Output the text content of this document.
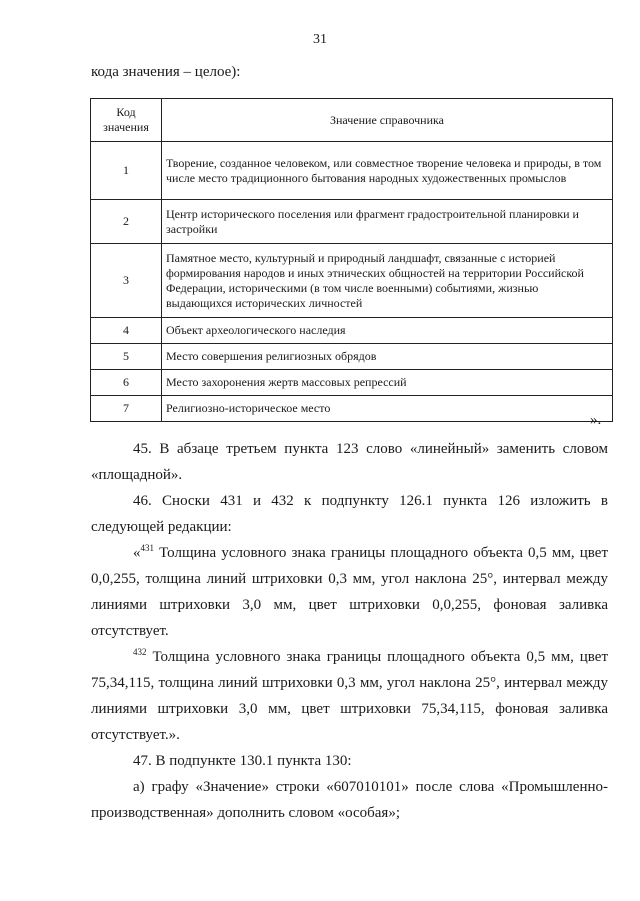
31
кода значения – целое):
Код значения	Значение справочника
1	Творение, созданное человеком, или совместное творение человека и природы, в том числе место традиционного бытования народных художественных промыслов
2	Центр исторического поселения или фрагмент градостроительной планировки и застройки
3	Памятное место, культурный и природный ландшафт, связанные с историей формирования народов и иных этнических общностей на территории Российской Федерации, историческими (в том числе военными) событиями, жизнью выдающихся исторических личностей
4	Объект археологического наследия
5	Место совершения религиозных обрядов
6	Место захоронения жертв массовых репрессий
7	Религиозно-историческое место
».
45. В абзаце третьем пункта 123 слово «линейный» заменить словом «площадной».
46. Сноски 431 и 432 к подпункту 126.1 пункта 126 изложить в следующей редакции:
«$^{431}$ Толщина условного знака границы площадного объекта 0,5 мм, цвет 0,0,255, толщина линий штриховки 0,3 мм, угол наклона 25°, интервал между линиями штриховки 3,0 мм, цвет штриховки 0,0,255, фоновая заливка отсутствует.
$^{432}$ Толщина условного знака границы площадного объекта 0,5 мм, цвет 75,34,115, толщина линий штриховки 0,3 мм, угол наклона 25°, интервал между линиями штриховки 3,0 мм, цвет штриховки 75,34,115, фоновая заливка отсутствует.».
47. В подпункте 130.1 пункта 130:
а) графу «Значение» строки «607010101» после слова «Промышленно-производственная» дополнить словом «особая»;
